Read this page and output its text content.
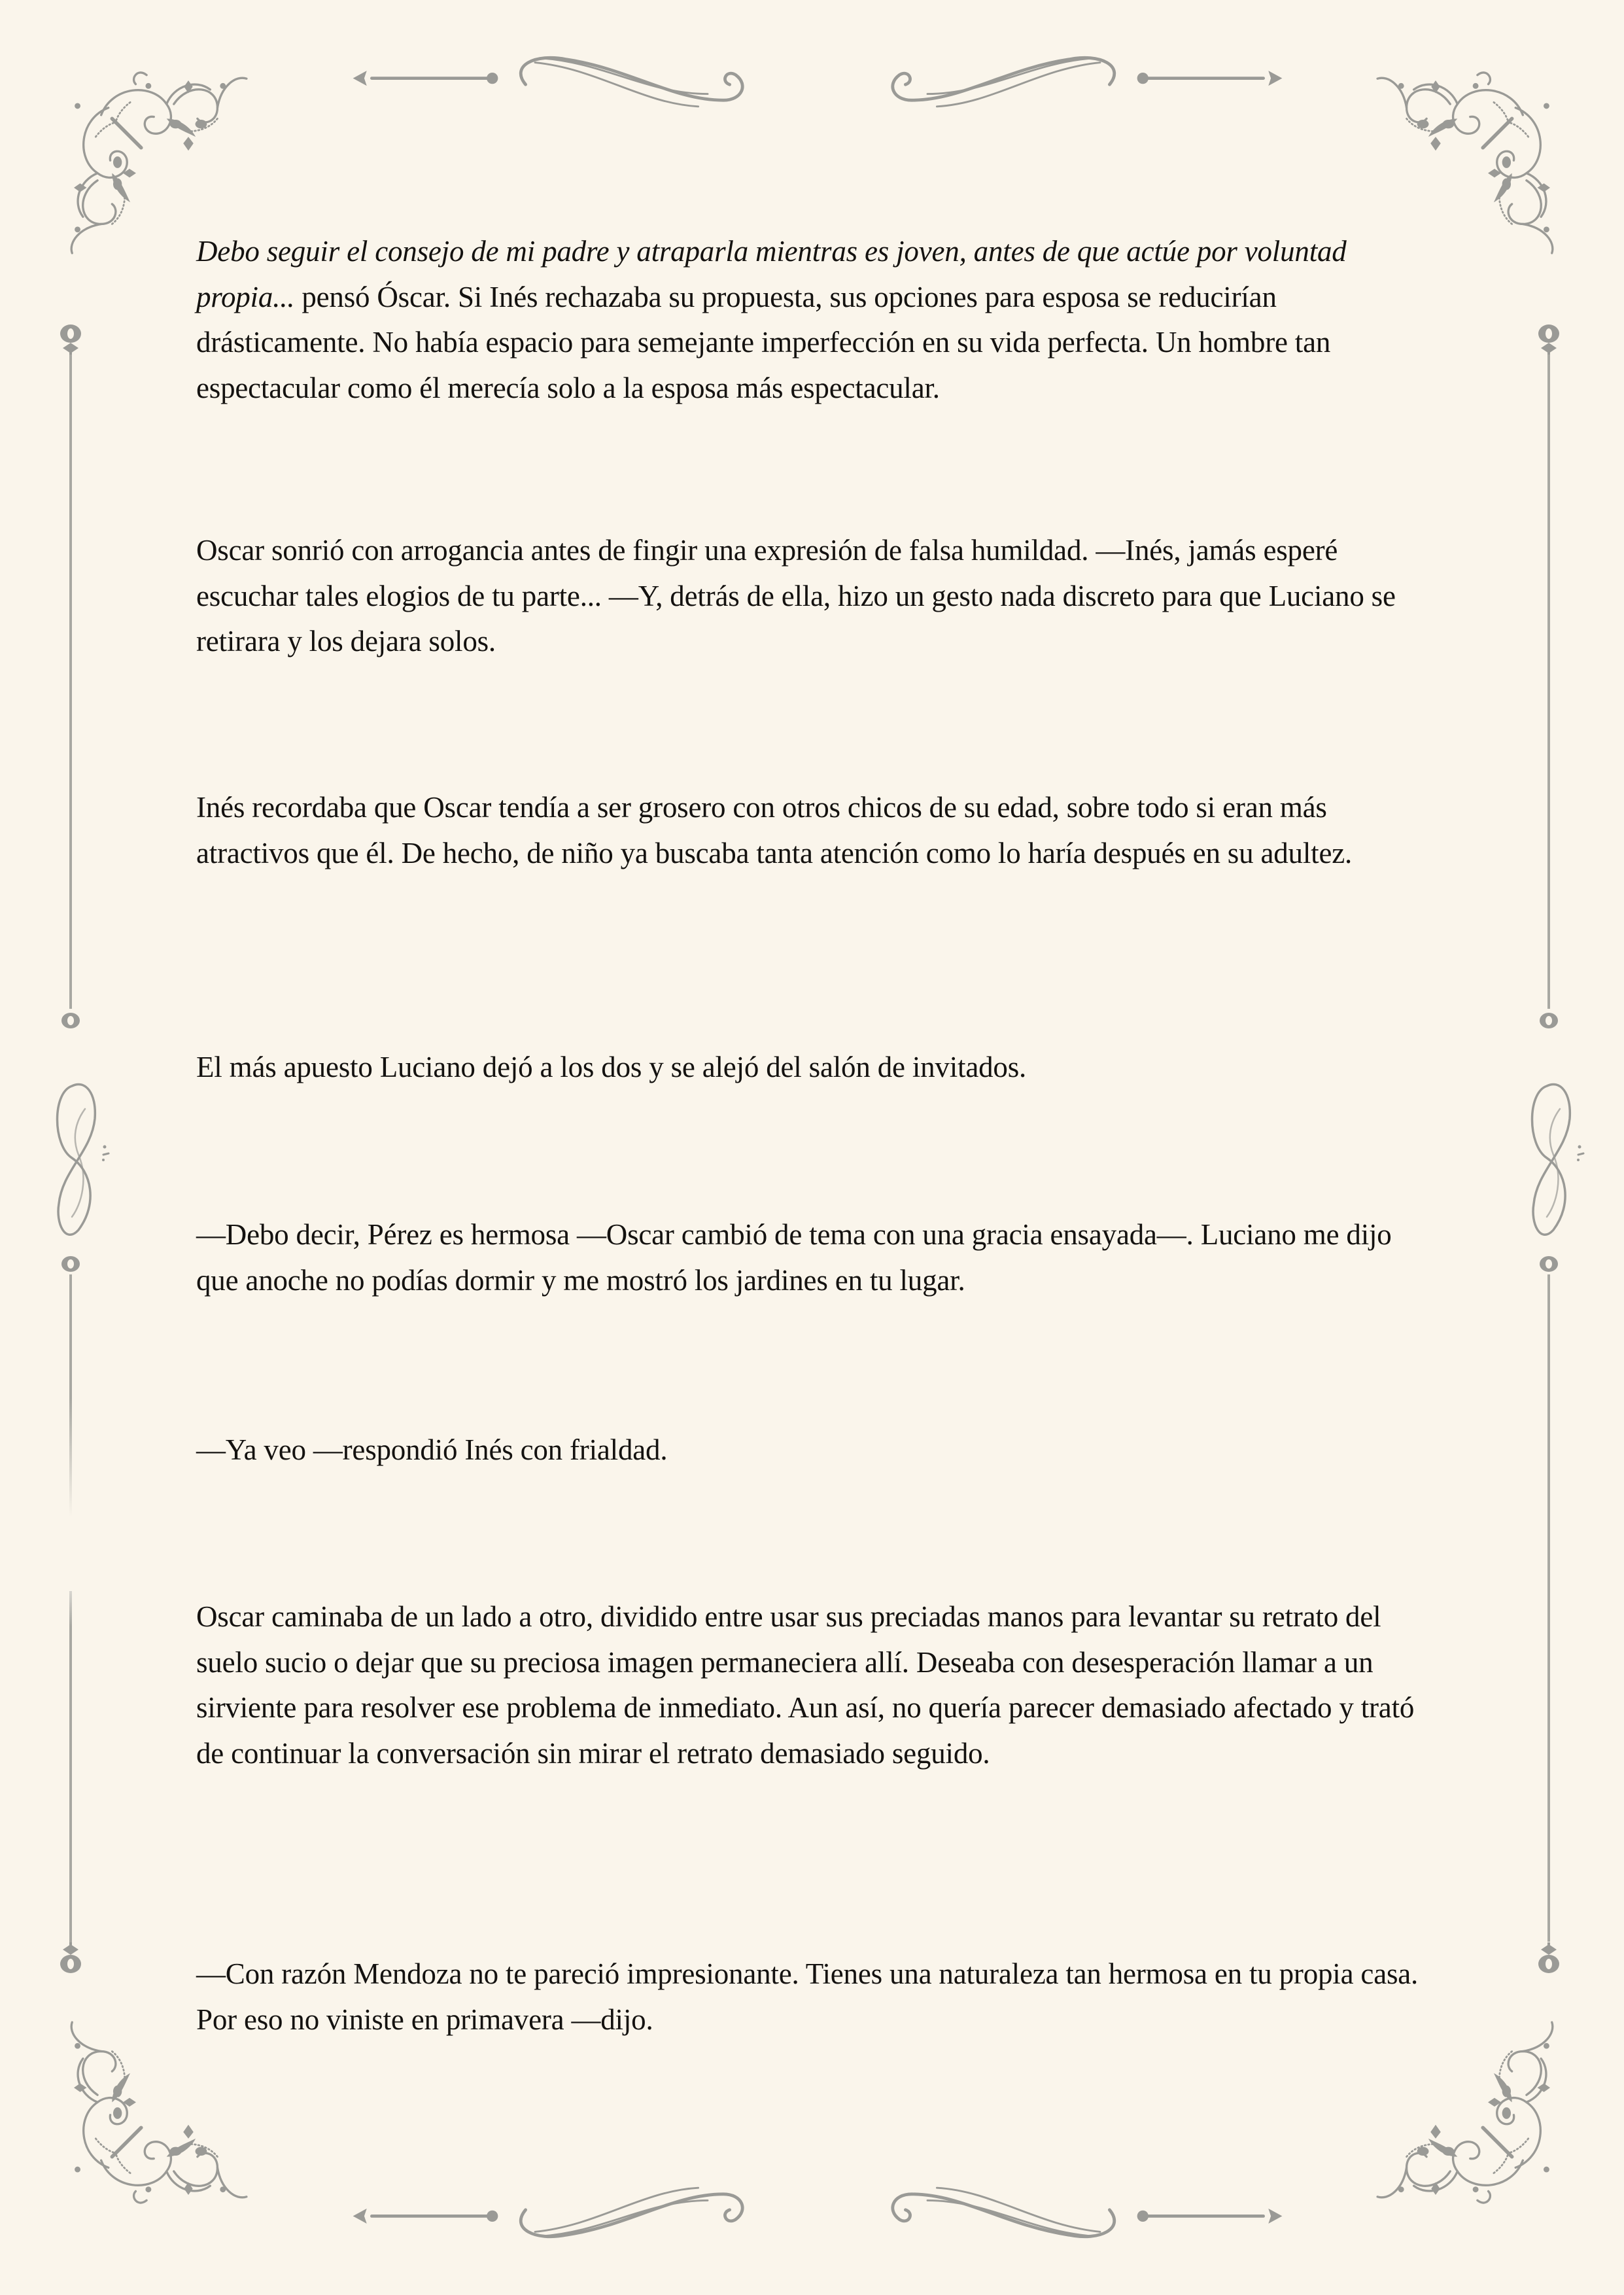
Debo seguir el consejo de mi padre y atraparla mientras es joven, antes de que actúe por voluntad propia... pensó Óscar. Si Inés rechazaba su propuesta, sus opciones para esposa se reducirían drásticamente. No había espacio para semejante imperfección en su vida perfecta. Un hombre tan espectacular como él merecía solo a la esposa más espectacular.

Oscar sonrió con arrogancia antes de fingir una expresión de falsa humildad. —Inés, jamás esperé escuchar tales elogios de tu parte... —Y, detrás de ella, hizo un gesto nada discreto para que Luciano se retirara y los dejara solos.

Inés recordaba que Oscar tendía a ser grosero con otros chicos de su edad, sobre todo si eran más atractivos que él. De hecho, de niño ya buscaba tanta atención como lo haría después en su adultez.

El más apuesto Luciano dejó a los dos y se alejó del salón de invitados.

—Debo decir, Pérez es hermosa —Oscar cambió de tema con una gracia ensayada—. Luciano me dijo que anoche no podías dormir y me mostró los jardines en tu lugar.

—Ya veo —respondió Inés con frialdad.

Oscar caminaba de un lado a otro, dividido entre usar sus preciadas manos para levantar su retrato del suelo sucio o dejar que su preciosa imagen permaneciera allí. Deseaba con desesperación llamar a un sirviente para resolver ese problema de inmediato. Aun así, no quería parecer demasiado afectado y trató de continuar la conversación sin mirar el retrato demasiado seguido.

—Con razón Mendoza no te pareció impresionante. Tienes una naturaleza tan hermosa en tu propia casa. Por eso no viniste en primavera —dijo.
